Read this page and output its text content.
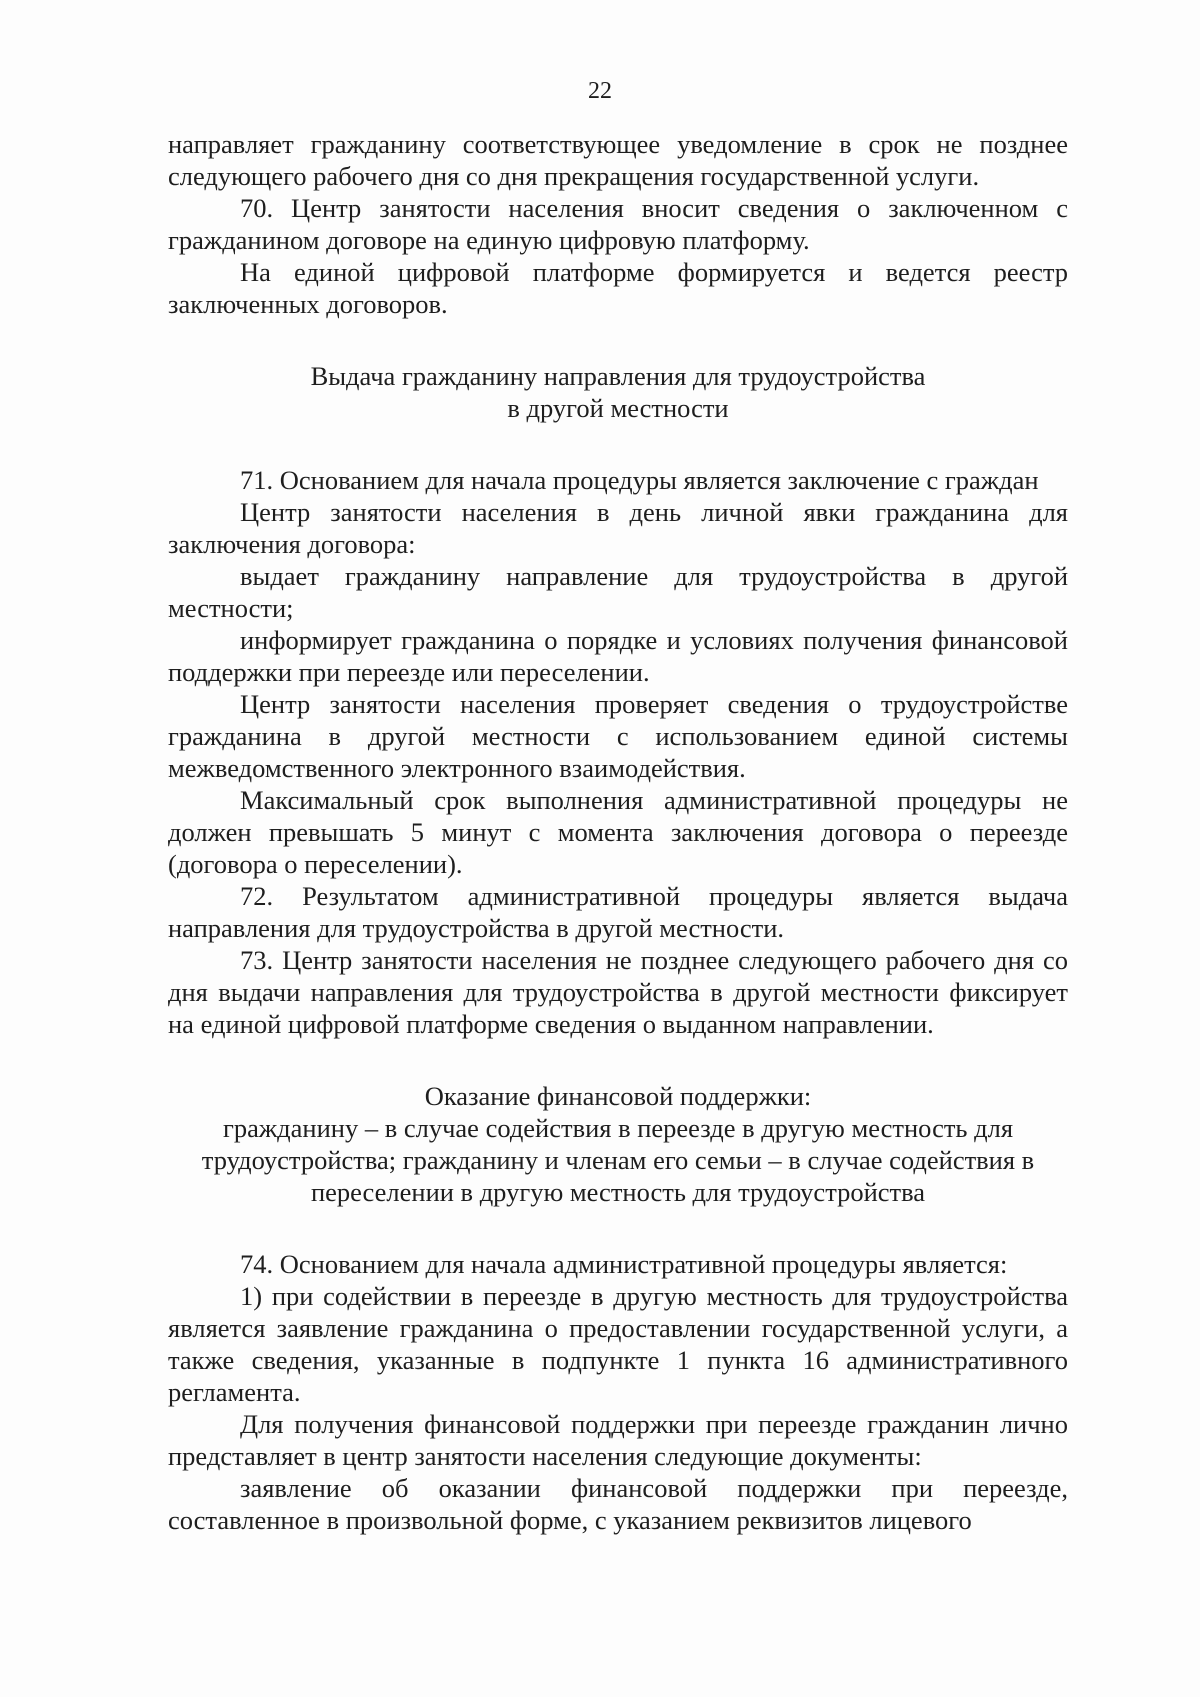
22

направляет гражданину соответствующее уведомление в срок не позднее следующего рабочего дня со дня прекращения государственной услуги.

70. Центр занятости населения вносит сведения о заключенном с гражданином договоре на единую цифровую платформу.

На единой цифровой платформе формируется и ведется реестр заключенных договоров.

Выдача гражданину направления для трудоустройства
в другой местности

71. Основанием для начала процедуры является заключение с граждан

Центр занятости населения в день личной явки гражданина для заключения договора:

выдает гражданину направление для трудоустройства в другой местности;

информирует гражданина о порядке и условиях получения финансовой поддержки при переезде или переселении.

Центр занятости населения проверяет сведения о трудоустройстве гражданина в другой местности с использованием единой системы межведомственного электронного взаимодействия.

Максимальный срок выполнения административной процедуры не должен превышать 5 минут с момента заключения договора о переезде (договора о переселении).

72. Результатом административной процедуры является выдача направления для трудоустройства в другой местности.

73. Центр занятости населения не позднее следующего рабочего дня со дня выдачи направления для трудоустройства в другой местности фиксирует на единой цифровой платформе сведения о выданном направлении.

Оказание финансовой поддержки:
гражданину – в случае содействия в переезде в другую местность для
трудоустройства; гражданину и членам его семьи – в случае содействия в
переселении в другую местность для трудоустройства

74. Основанием для начала административной процедуры является:

1) при содействии в переезде в другую местность для трудоустройства является заявление гражданина о предоставлении государственной услуги, а также сведения, указанные в подпункте 1 пункта 16 административного регламента.

Для получения финансовой поддержки при переезде гражданин лично представляет в центр занятости населения следующие документы:

заявление об оказании финансовой поддержки при переезде, составленное в произвольной форме, с указанием реквизитов лицевого
